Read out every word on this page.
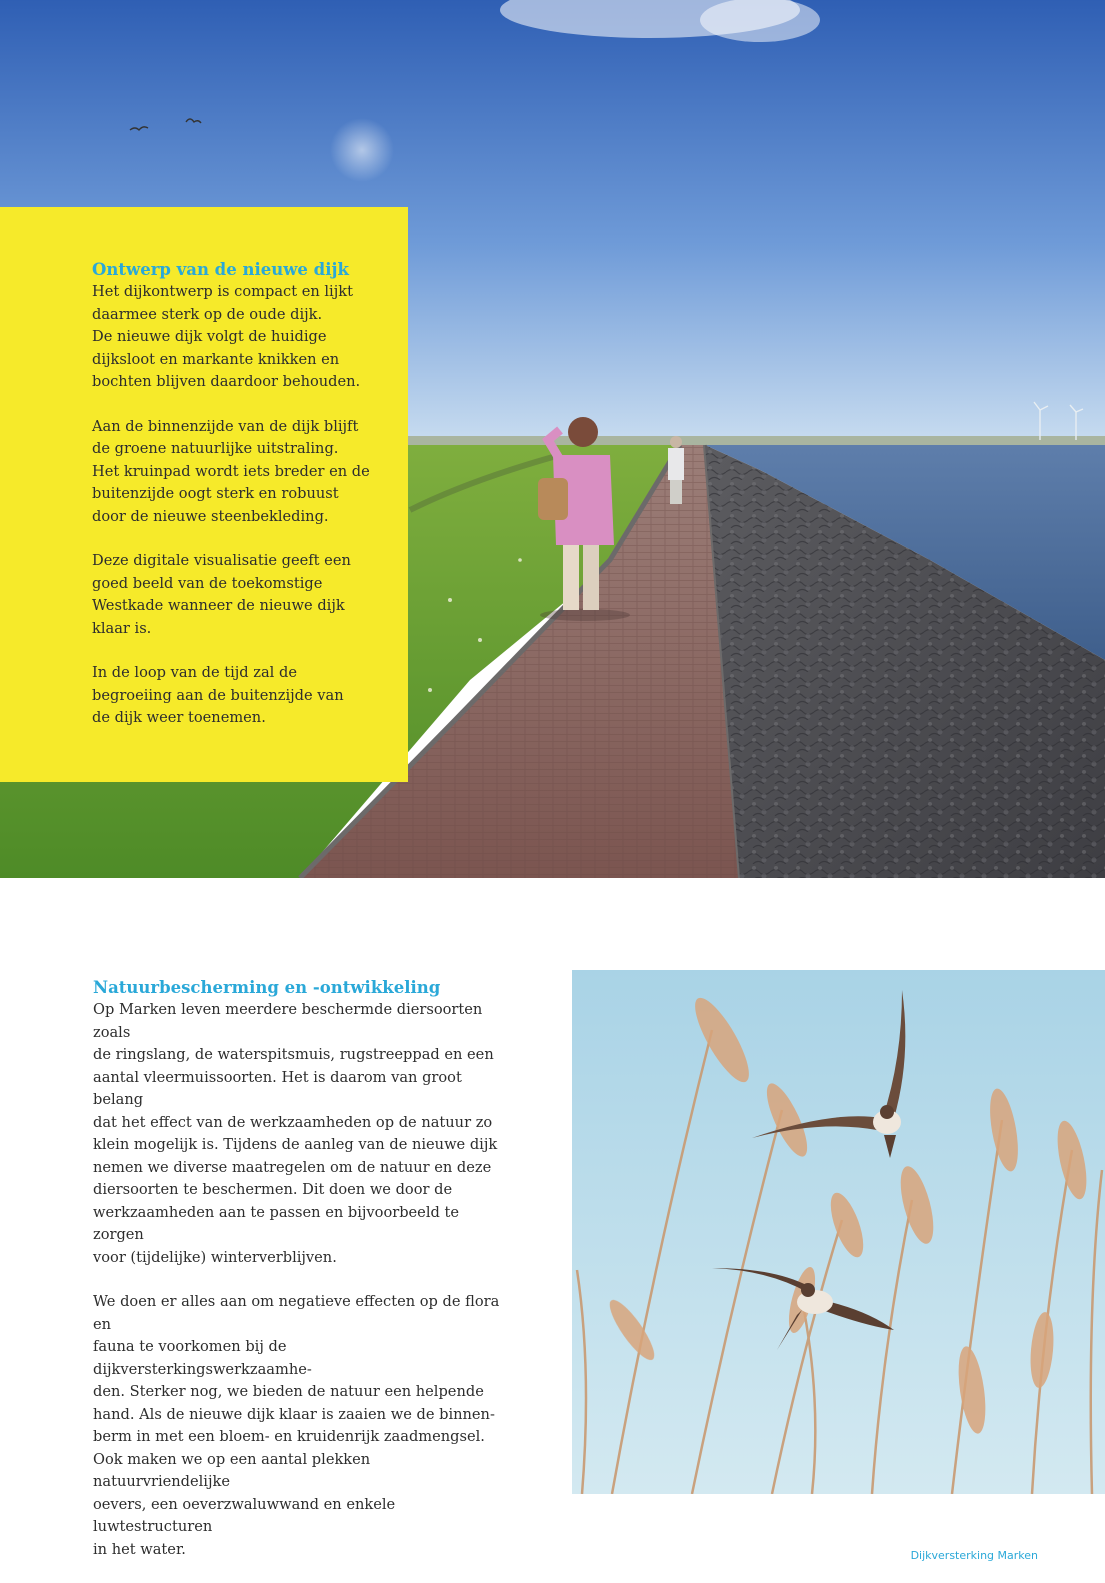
Ontwerp van de nieuwe dijk

Het dijkontwerp is compact en lijkt
daarmee sterk op de oude dijk.
De nieuwe dijk volgt de huidige
dijksloot en markante knikken en
bochten blijven daardoor behouden.

Aan de binnenzijde van de dijk blijft
de groene natuurlijke uitstraling.
Het kruinpad wordt iets breder en de
buitenzijde oogt sterk en robuust
door de nieuwe steenbekleding.

Deze digitale visualisatie geeft een
goed beeld van de toekomstige
Westkade wanneer de nieuwe dijk
klaar is.

In de loop van de tijd zal de
begroeiing aan de buitenzijde van
de dijk weer toenemen.

Natuurbescherming en -ontwikkeling

Op Marken leven meerdere beschermde diersoorten zoals
de ringslang, de waterspitsmuis, rugstreeppad en een
aantal vleermuissoorten. Het is daarom van groot belang
dat het effect van de werkzaamheden op de natuur zo
klein mogelijk is. Tijdens de aanleg van de nieuwe dijk
nemen we diverse maatregelen om de natuur en deze
diersoorten te beschermen. Dit doen we door de
werkzaamheden aan te passen en bijvoorbeeld te zorgen
voor (tijdelijke) winterverblijven.

We doen er alles aan om negatieve effecten op de flora en
fauna te voorkomen bij de dijkversterkingswerkzaamhe-
den. Sterker nog, we bieden de natuur een helpende
hand. Als de nieuwe dijk klaar is zaaien we de binnen-
berm in met een bloem- en kruidenrijk zaadmengsel.
Ook maken we op een aantal plekken natuurvriendelijke
oevers, een oeverzwaluwwand en enkele luwtestructuren
in het water.	Dijkversterking Marken
